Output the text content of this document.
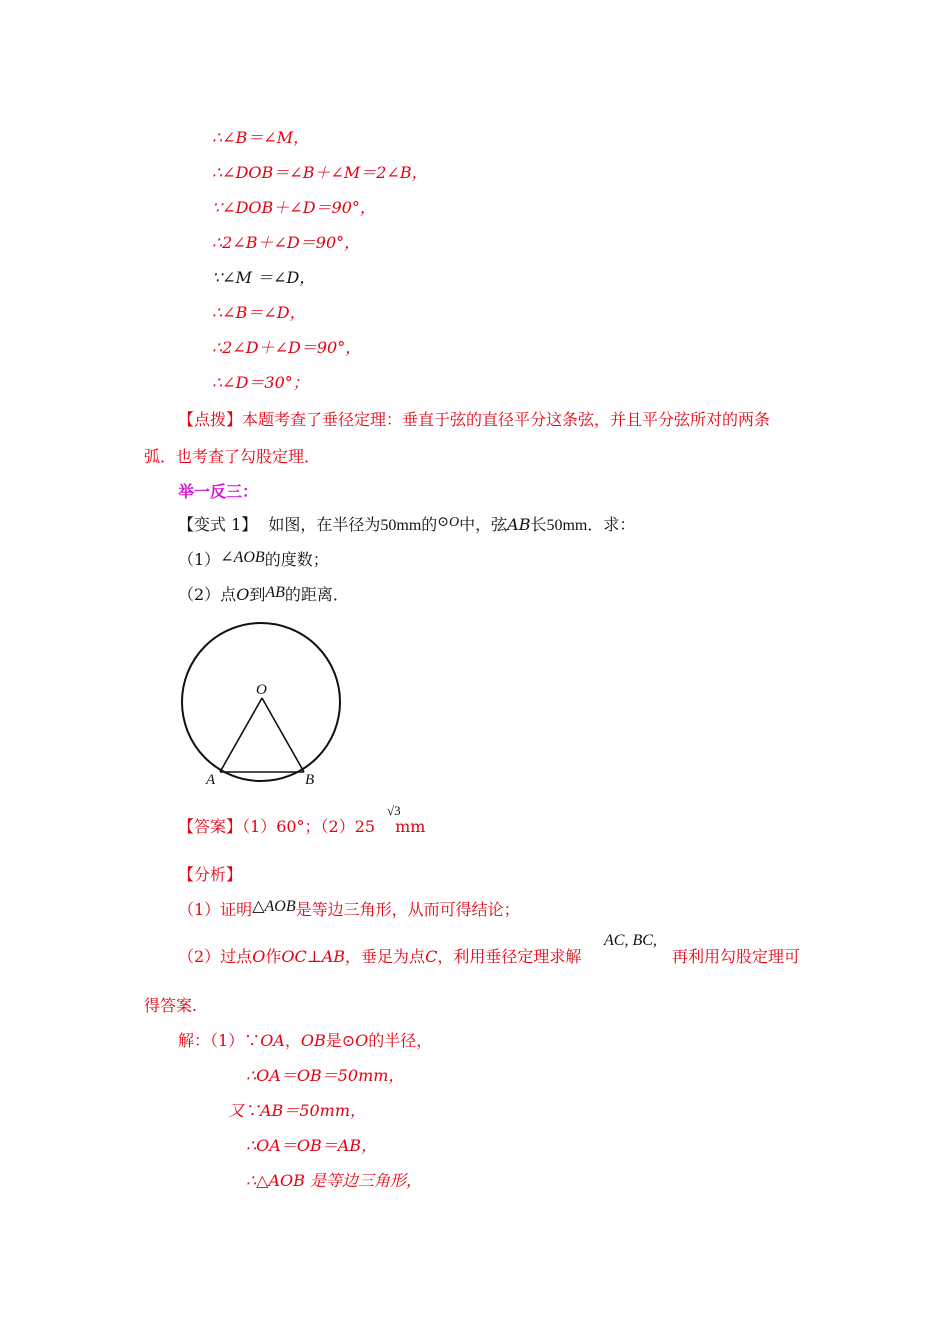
∴∠B＝∠M，
∴∠DOB＝∠B＋∠M＝2∠B，
∵∠DOB＋∠D＝90°，
∴2∠B＋∠D＝90°，
∵∠M ＝∠D，
∴∠B＝∠D，
∴2∠D＋∠D＝90°，
∴∠D＝30°；
【点拨】本题考查了垂径定理：垂直于弦的直径平分这条弦，并且平分弦所对的两条
弧．也考查了勾股定理．
举一反三：
【变式 1】 如图，在半径为50mm的⊙O中，弦AB长50mm．求：
（1）∠AOB的度数；
（2）点O到AB的距离．
O
A	B
【答案】（1）60°；（2）25 mm
√3
【分析】
（1）证明△AOB是等边三角形，从而可得结论；
（2）过点O作OC⊥AB，垂足为点C，利用垂径定理求解
AC, BC,
再利用勾股定理可
得答案.
解：（1）∵OA，OB是⊙O的半径，
∴OA＝OB＝50mm，
又∵AB＝50mm，
∴OA＝OB＝AB，
∴△AOB 是等边三角形，
